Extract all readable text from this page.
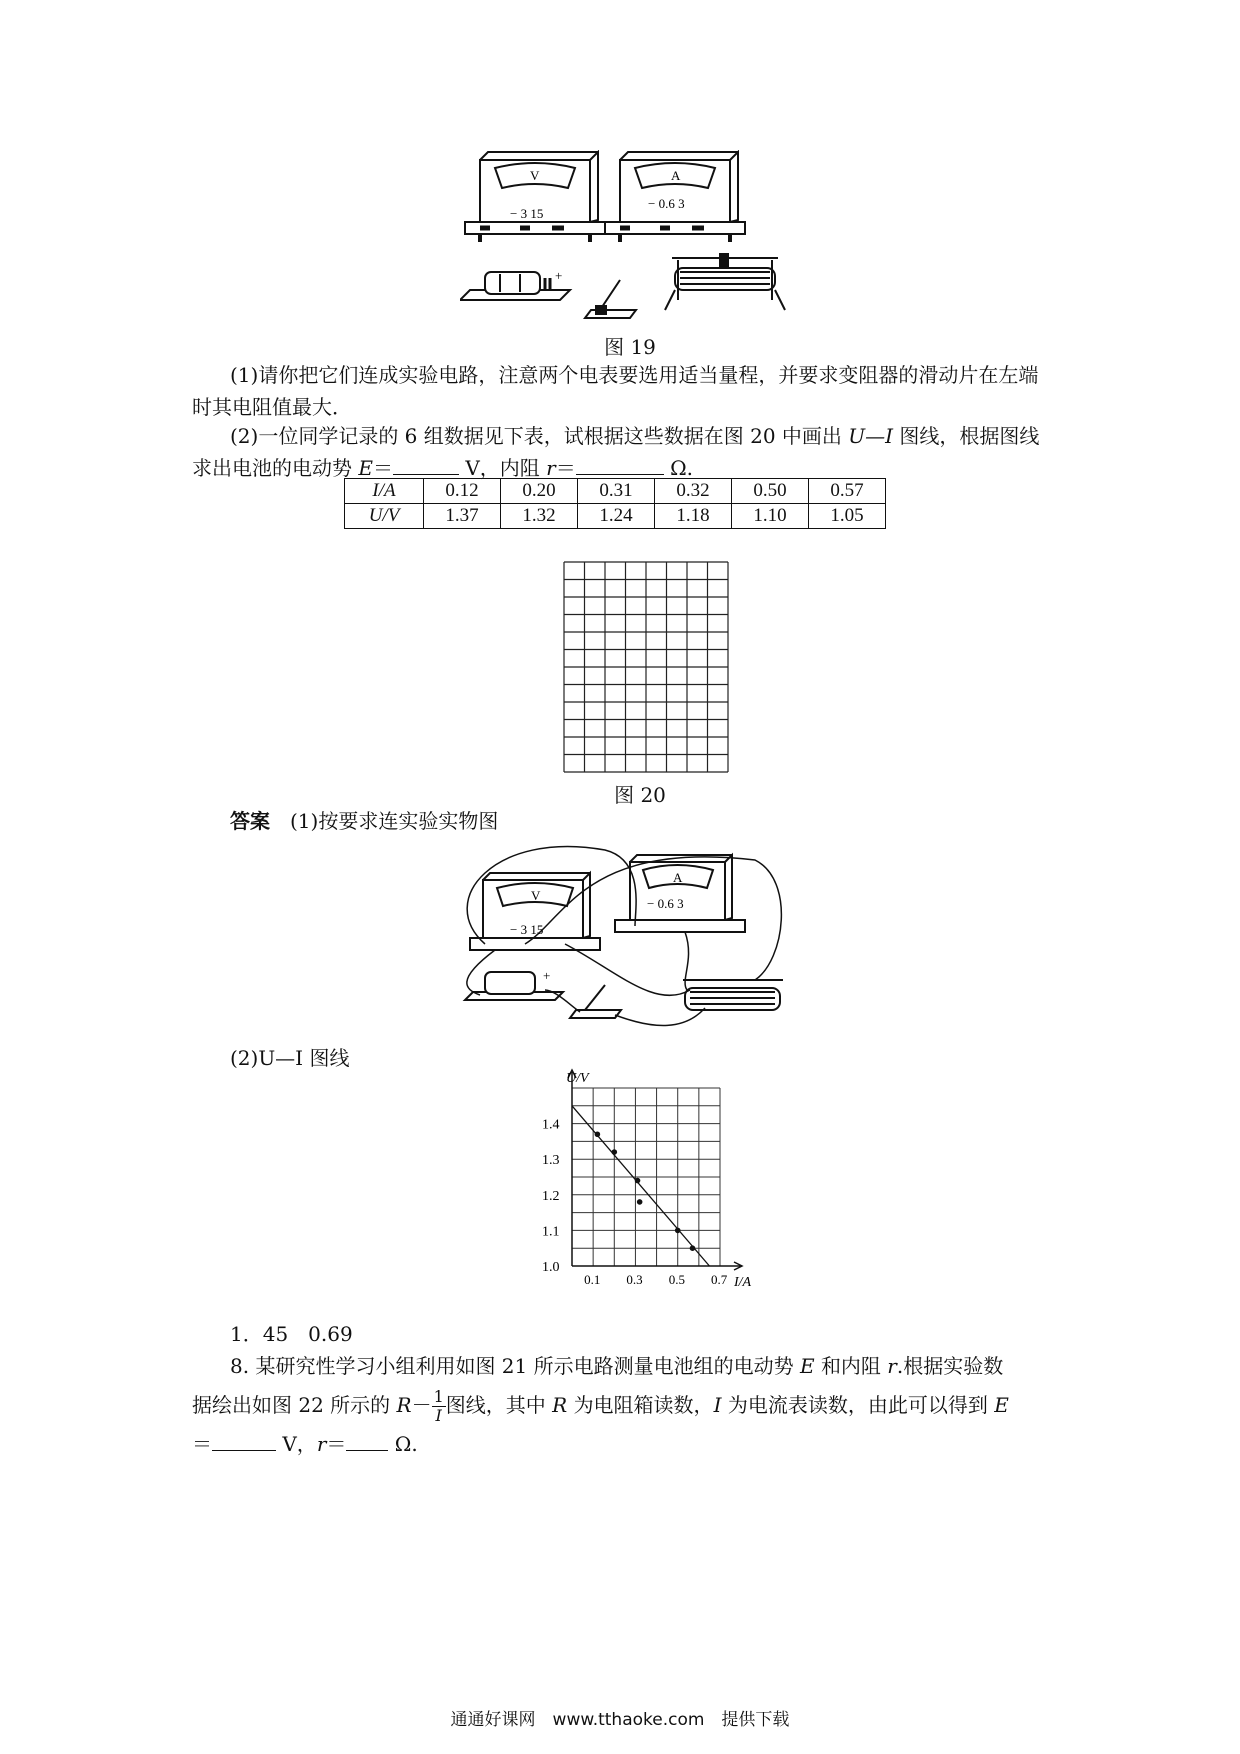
V
− 3 15
A
− 0.6 3
+
图 19
(1)请你把它们连成实验电路，注意两个电表要选用适当量程，并要求变阻器的滑动片在左端时其电阻值最大．
(2)一位同学记录的 6 组数据见下表，试根据这些数据在图 20 中画出 U—I 图线，根据图线求出电池的电动势 E＝	V，内阻 r＝	Ω.
I/A	0.12	0.20	0.31	0.32	0.50	0.57
U/V	1.37	1.32	1.24	1.18	1.10	1.05
图 20
答案　 (1)按要求连实验实物图
V
− 3 15
A
− 0.6 3
+
(2)U—I 图线
U/V
I/A
1.0
1.1
1.2
1.3
1.4
0.1 0.3 0.5 0.7
1．45　0.69
8. 某研究性学习小组利用如图 21 所示电路测量电池组的电动势 E 和内阻 r.根据实验数
据绘出如图 22 所示的 $R- \frac{1}{I}$ 图线，其中 R 为电阻箱读数，I 为电流表读数，由此可以得到 E
＝	V，r＝ Ω.
通通好课网　www.tthaoke.com　提供下载
